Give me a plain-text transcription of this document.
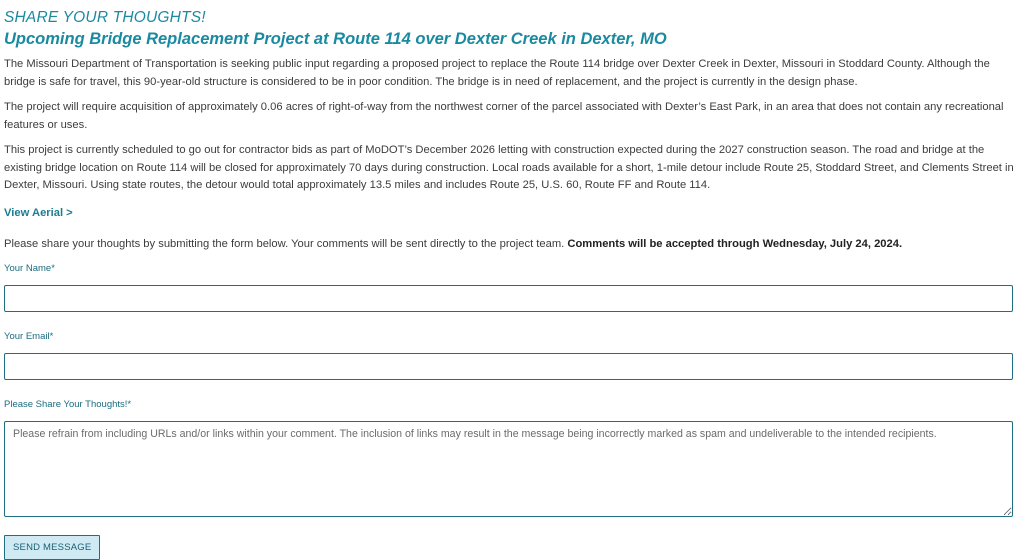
SHARE YOUR THOUGHTS!
Upcoming Bridge Replacement Project at Route 114 over Dexter Creek in Dexter, MO

The Missouri Department of Transportation is seeking public input regarding a proposed project to replace the Route 114 bridge over Dexter Creek in Dexter, Missouri in Stoddard County. Although the bridge is safe for travel, this 90-year-old structure is considered to be in poor condition. The bridge is in need of replacement, and the project is currently in the design phase.

The project will require acquisition of approximately 0.06 acres of right-of-way from the northwest corner of the parcel associated with Dexter’s East Park, in an area that does not contain any recreational features or uses.

This project is currently scheduled to go out for contractor bids as part of MoDOT’s December 2026 letting with construction expected during the 2027 construction season. The road and bridge at the existing bridge location on Route 114 will be closed for approximately 70 days during construction. Local roads available for a short, 1-mile detour include Route 25, Stoddard Street, and Clements Street in Dexter, Missouri. Using state routes, the detour would total approximately 13.5 miles and includes Route 25, U.S. 60, Route FF and Route 114.

View Aerial >
Please share your thoughts by submitting the form below. Your comments will be sent directly to the project team. Comments will be accepted through Wednesday, July 24, 2024.
Your Name*
Your Email*
Please Share Your Thoughts!*
Please refrain from including URLs and/or links within your comment. The inclusion of links may result in the message being incorrectly marked as spam and undeliverable to the intended recipients. SEND MESSAGE
